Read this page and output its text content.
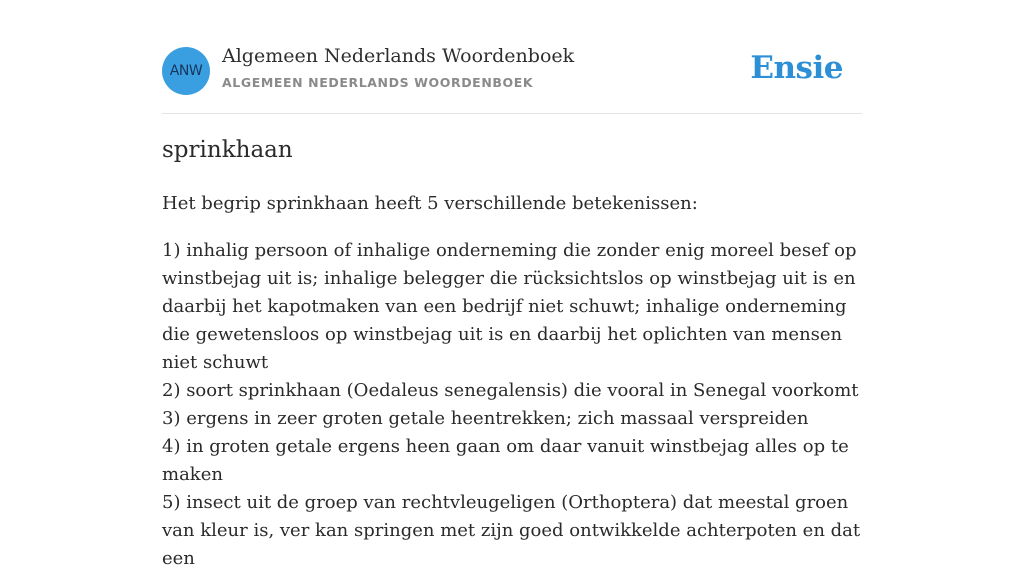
ANW
Algemeen Nederlands Woordenboek
ALGEMEEN NEDERLANDS WOORDENBOEK	Ensie
sprinkhaan
Het begrip sprinkhaan heeft 5 verschillende betekenissen:
1) inhalig persoon of inhalige onderneming die zonder enig moreel besef op winstbejag uit is; inhalige belegger die rücksichtslos op winstbejag uit is en daarbij het kapotmaken van een bedrijf niet schuwt; inhalige onderneming die gewetensloos op winstbejag uit is en daarbij het oplichten van mensen niet schuwt
2) soort sprinkhaan (Oedaleus senegalensis) die vooral in Senegal voorkomt
3) ergens in zeer groten getale heentrekken; zich massaal verspreiden
4) in groten getale ergens heen gaan om daar vanuit winstbejag alles op te maken
5) insect uit de groep van rechtvleugeligen (Orthoptera) dat meestal groen van kleur is, ver kan springen met zijn goed ontwikkelde achterpoten en dat een
